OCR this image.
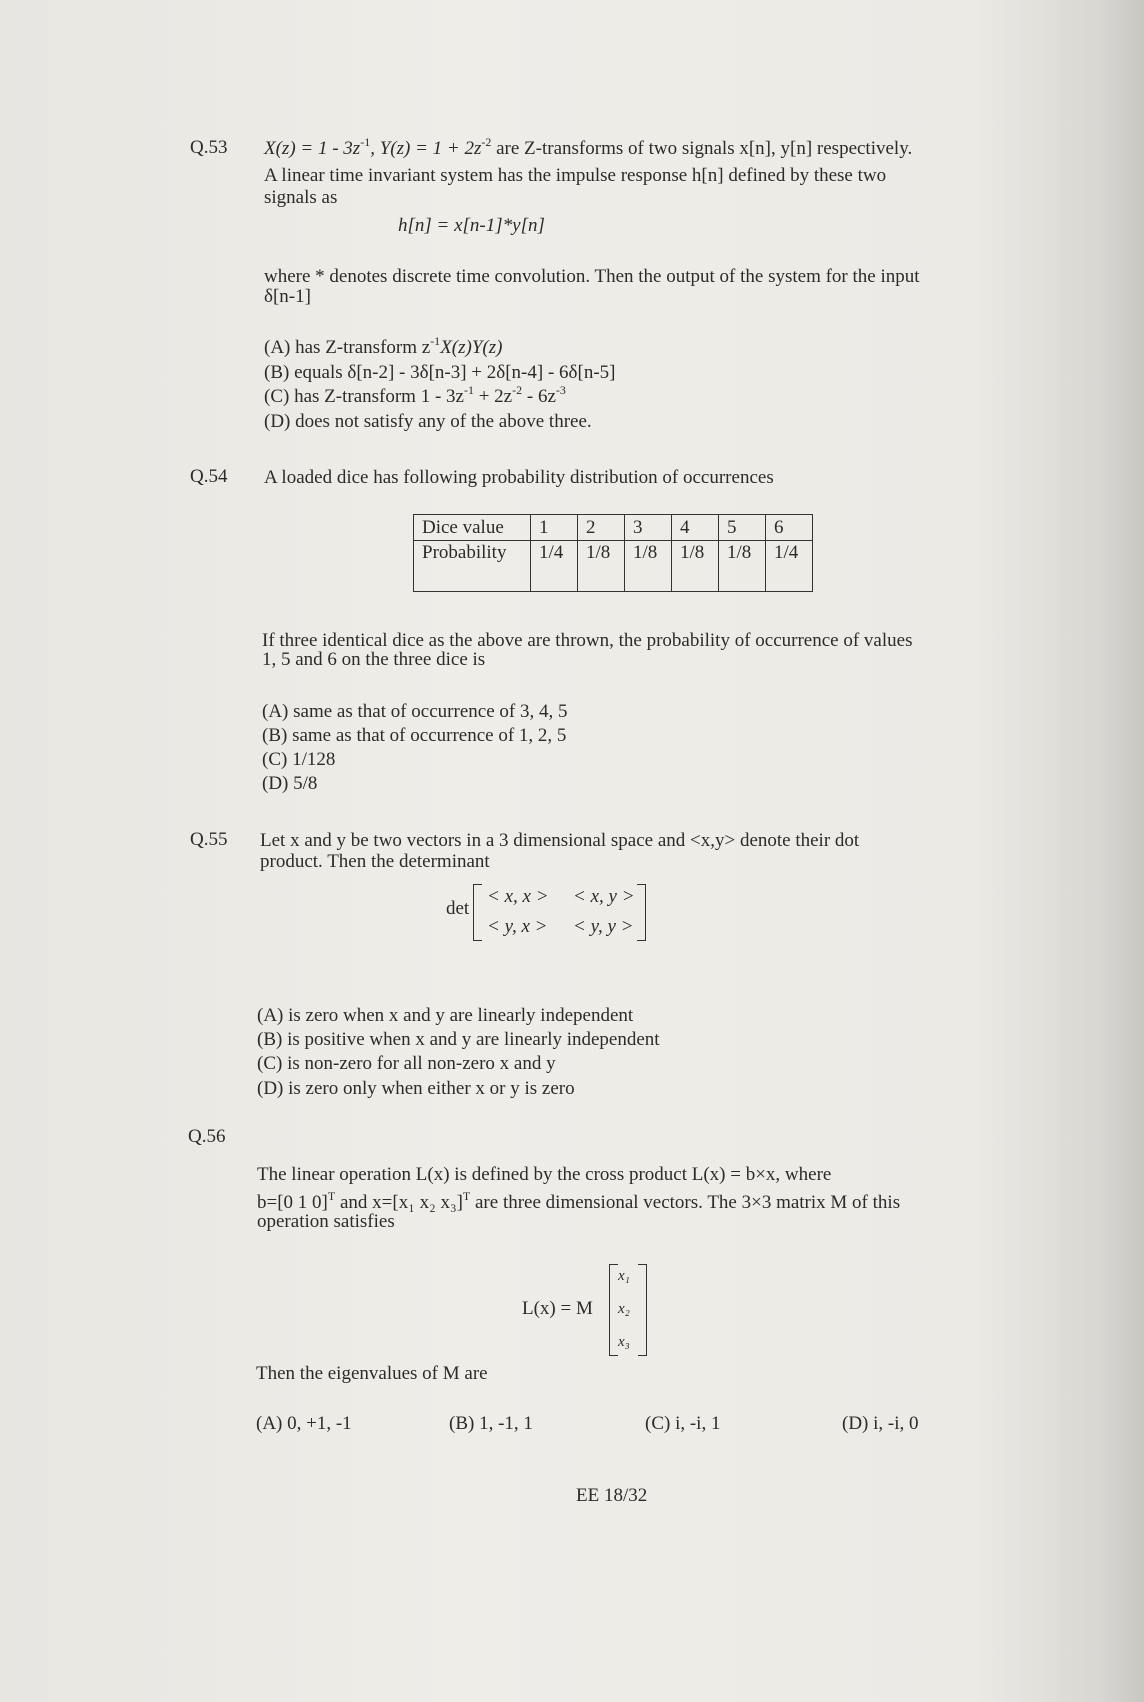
Q.53 $X(z) = 1 - 3z^{-1}$, $Y(z) = 1 + 2z^{-2}$ are Z-transforms of two signals x[n], y[n] respectively.
A linear time invariant system has the impulse response h[n] defined by these two
signals as
h[n] = x[n-1]*y[n]
where * denotes discrete time convolution. Then the output of the system for the input
δ[n-1]
(A) has Z-transform $z^{-1}X(z)Y(z)$
(B) equals δ[n-2] - 3δ[n-3] + 2δ[n-4] - 6δ[n-5]
(C) has Z-transform $1 - 3z^{-1} + 2z^{-2} - 6z^{-3}$
(D) does not satisfy any of the above three.
Q.54 A loaded dice has following probability distribution of occurrences
Dice value	1	2	3	4	5	6
Probability	1/4	1/8	1/8	1/8	1/8	1/4
If three identical dice as the above are thrown, the probability of occurrence of values
1, 5 and 6 on the three dice is
(A) same as that of occurrence of 3, 4, 5
(B) same as that of occurrence of 1, 2, 5
(C) 1/128
(D) 5/8
Q.55 Let x and y be two vectors in a 3 dimensional space and <x,y> denote their dot
product. Then the determinant
det
< x, x > < x, y >
< y, x > < y, y >
(A) is zero when x and y are linearly independent
(B) is positive when x and y are linearly independent
(C) is non-zero for all non-zero x and y
(D) is zero only when either x or y is zero
Q.56
The linear operation L(x) is defined by the cross product L(x) = b×x, where
b=[0 1 0]$^T$ and x=[x₁ x₂ x₃]$^T$ are three dimensional vectors. The 3×3 matrix M of this
operation satisfies
L(x) = M
x₁
x₂
x₃
Then the eigenvalues of M are
(A) 0, +1, -1	(B) 1, -1, 1	(C) i, -i, 1	(D) i, -i, 0
EE 18/32
